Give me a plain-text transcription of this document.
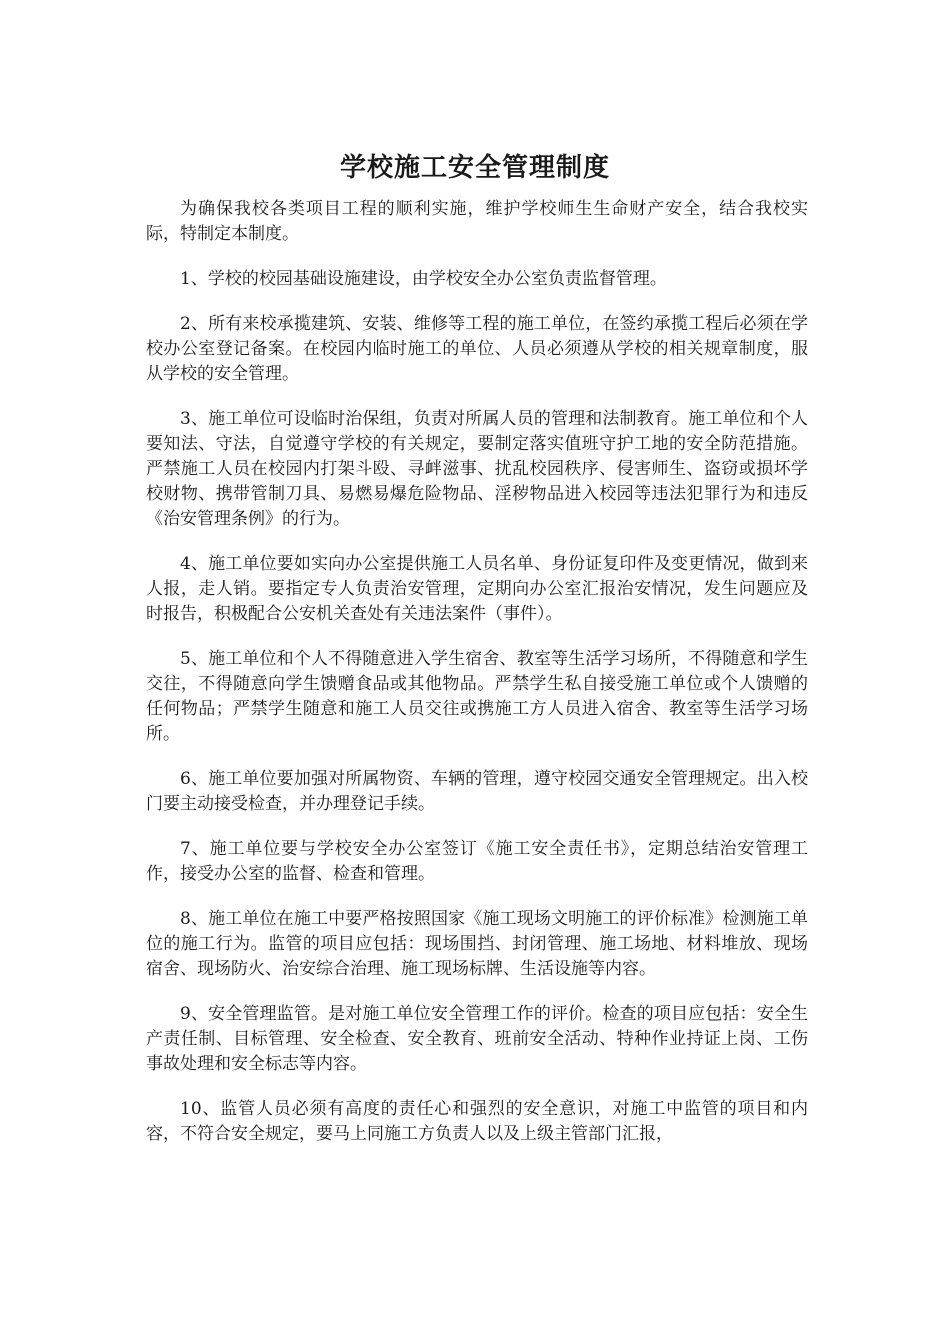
学校施工安全管理制度

为确保我校各类项目工程的顺利实施，维护学校师生生命财产安全，结合我校实际，特制定本制度。

1、学校的校园基础设施建设，由学校安全办公室负责监督管理。

2、所有来校承揽建筑、安装、维修等工程的施工单位，在签约承揽工程后必须在学校办公室登记备案。在校园内临时施工的单位、人员必须遵从学校的相关规章制度，服从学校的安全管理。

3、施工单位可设临时治保组，负责对所属人员的管理和法制教育。施工单位和个人要知法、守法，自觉遵守学校的有关规定，要制定落实值班守护工地的安全防范措施。严禁施工人员在校园内打架斗殴、寻衅滋事、扰乱校园秩序、侵害师生、盗窃或损坏学校财物、携带管制刀具、易燃易爆危险物品、淫秽物品进入校园等违法犯罪行为和违反《治安管理条例》的行为。

4、施工单位要如实向办公室提供施工人员名单、身份证复印件及变更情况，做到来人报，走人销。要指定专人负责治安管理，定期向办公室汇报治安情况，发生问题应及时报告，积极配合公安机关查处有关违法案件（事件）。

5、施工单位和个人不得随意进入学生宿舍、教室等生活学习场所，不得随意和学生交往，不得随意向学生馈赠食品或其他物品。严禁学生私自接受施工单位或个人馈赠的任何物品；严禁学生随意和施工人员交往或携施工方人员进入宿舍、教室等生活学习场所。

6、施工单位要加强对所属物资、车辆的管理，遵守校园交通安全管理规定。出入校门要主动接受检查，并办理登记手续。

7、施工单位要与学校安全办公室签订《施工安全责任书》，定期总结治安管理工作，接受办公室的监督、检查和管理。

8、施工单位在施工中要严格按照国家《施工现场文明施工的评价标准》检测施工单位的施工行为。监管的项目应包括：现场围挡、封闭管理、施工场地、材料堆放、现场宿舍、现场防火、治安综合治理、施工现场标牌、生活设施等内容。

9、安全管理监管。是对施工单位安全管理工作的评价。检查的项目应包括：安全生产责任制、目标管理、安全检查、安全教育、班前安全活动、特种作业持证上岗、工伤事故处理和安全标志等内容。

10、监管人员必须有高度的责任心和强烈的安全意识，对施工中监管的项目和内容，不符合安全规定，要马上同施工方负责人以及上级主管部门汇报，
